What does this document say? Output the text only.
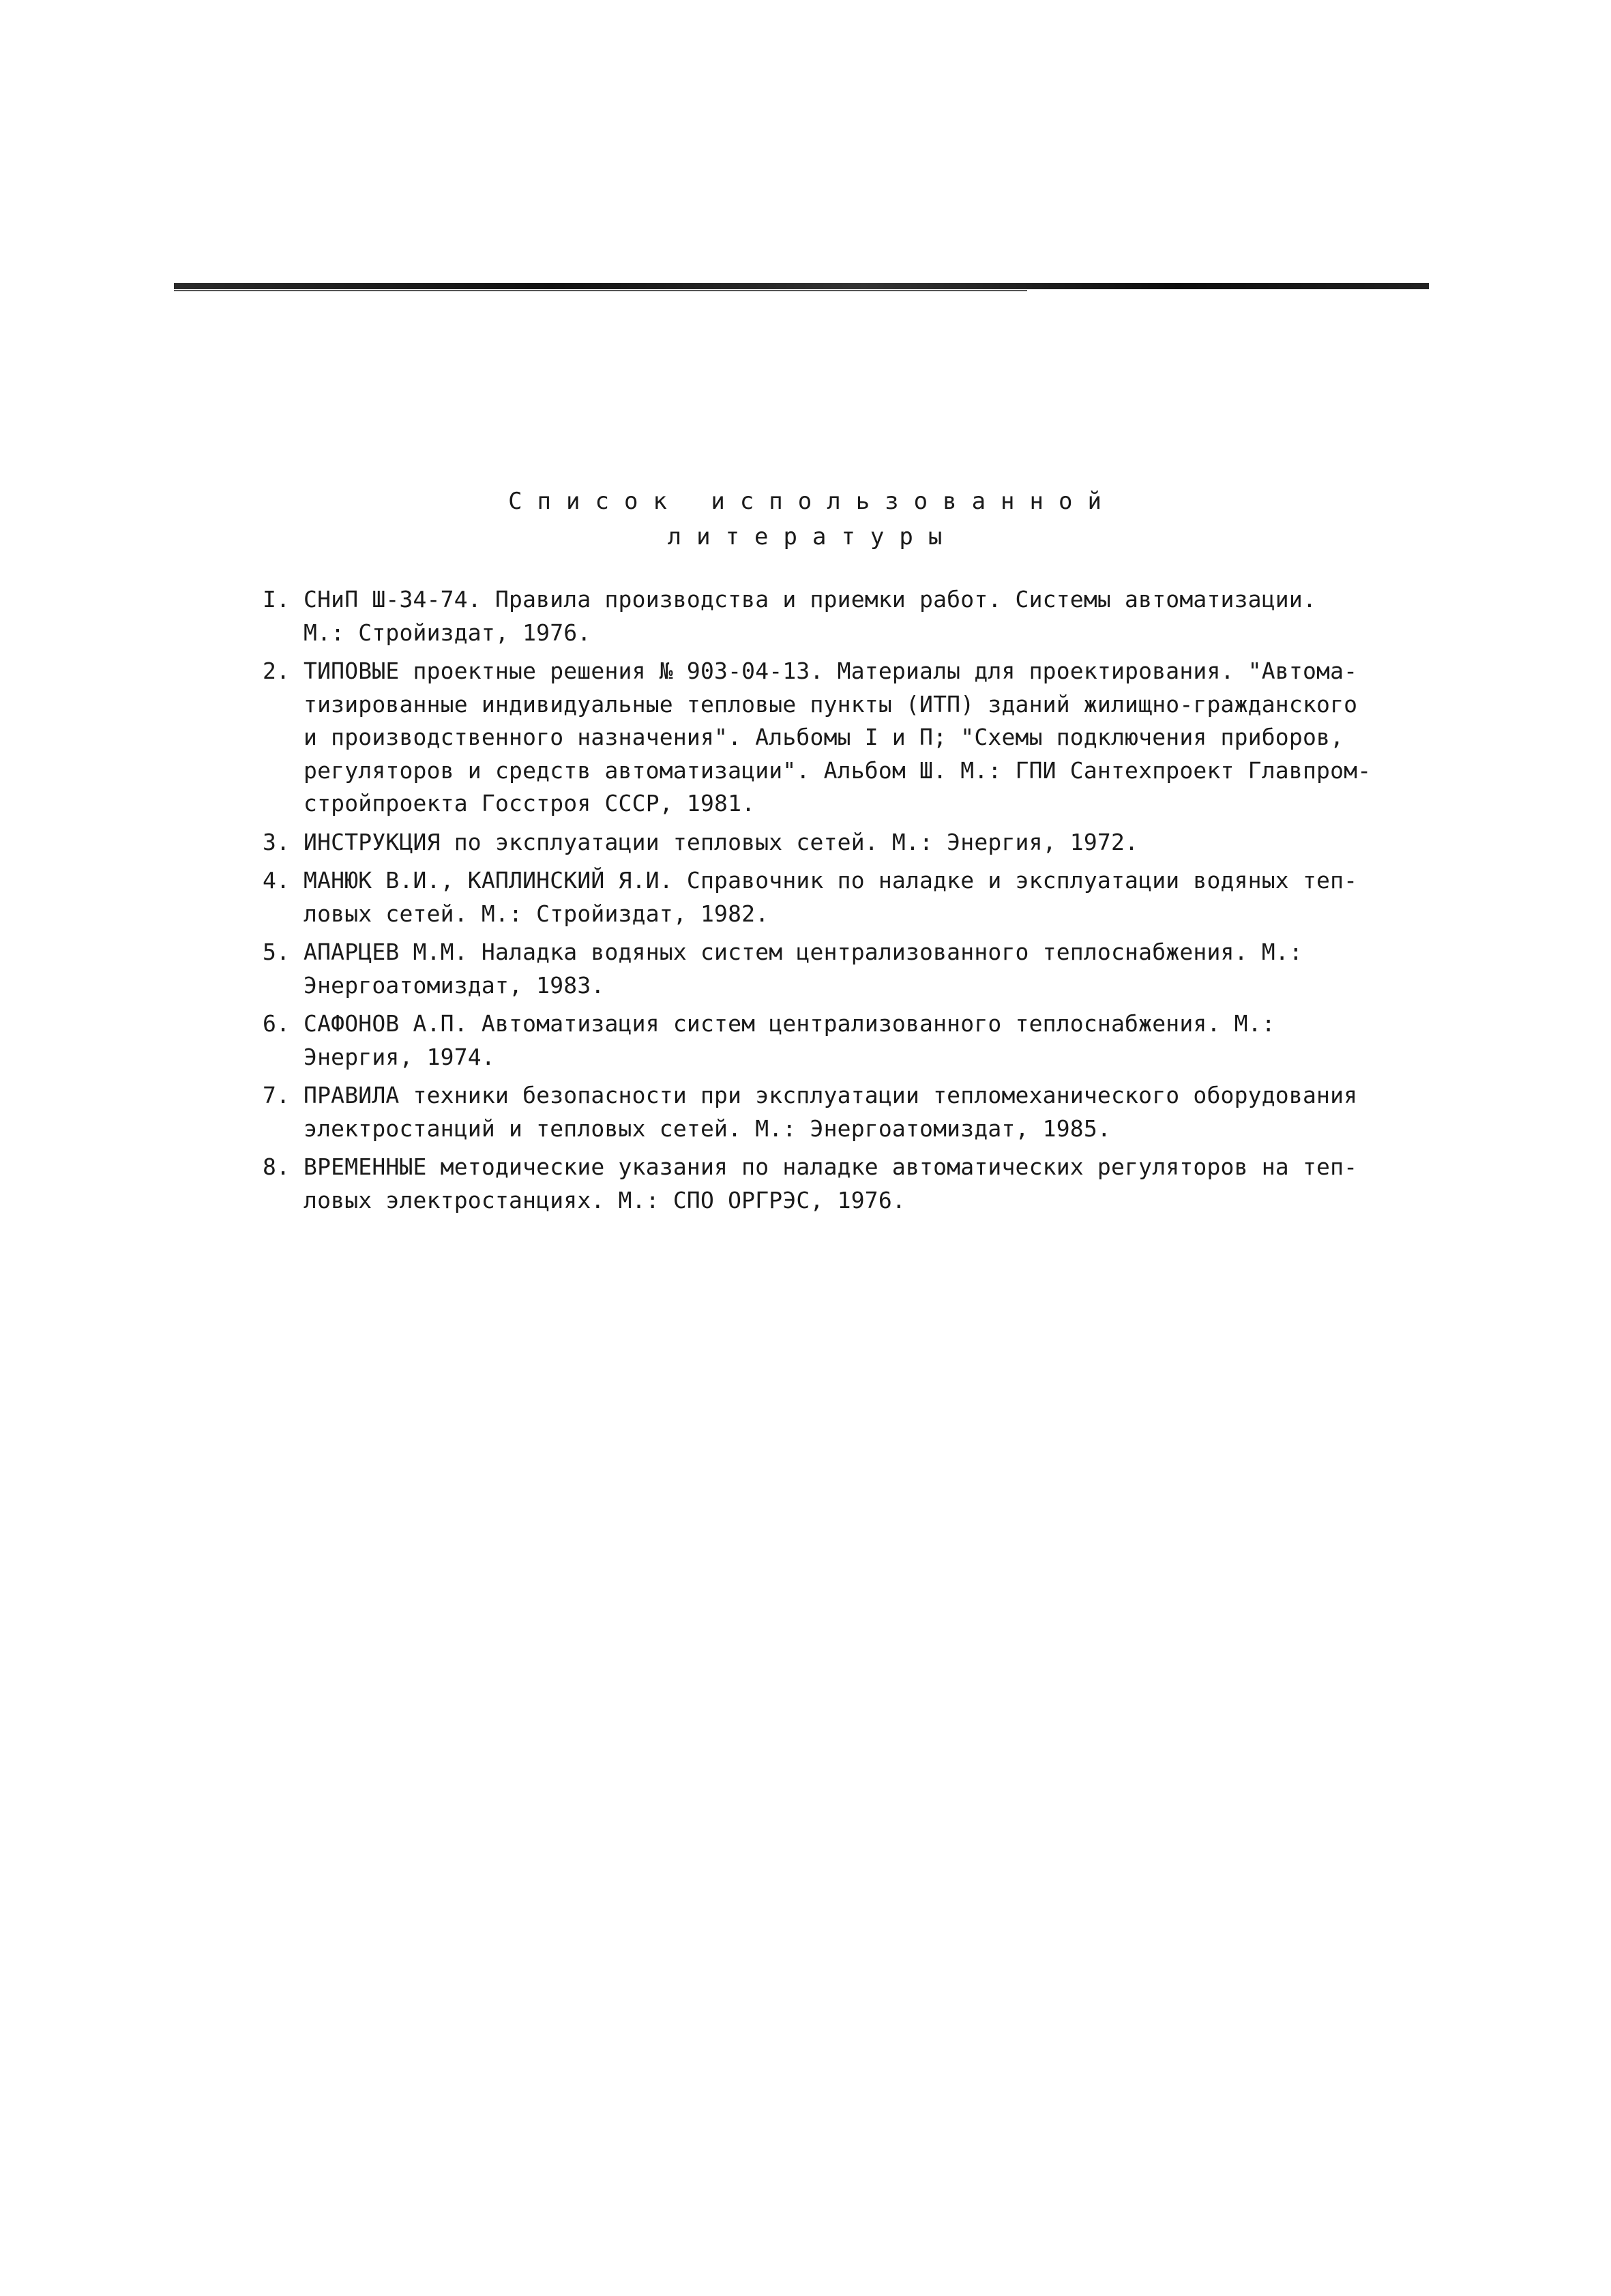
Список использованной
литературы
I. СНиП Ш-34-74. Правила производства и приемки работ. Системы автоматизации.
М.: Стройиздат, 1976.
2. ТИПОВЫЕ проектные решения № 903-04-13. Материалы для проектирования. "Автома-
тизированные индивидуальные тепловые пункты (ИТП) зданий жилищно-гражданского
и производственного назначения". Альбомы I и П; "Схемы подключения приборов,
регуляторов и средств автоматизации". Альбом Ш. М.: ГПИ Сантехпроект Главпром-
стройпроекта Госстроя СССР, 1981.
3. ИНСТРУКЦИЯ по эксплуатации тепловых сетей. М.: Энергия, 1972.
4. МАНЮК В.И., КАПЛИНСКИЙ Я.И. Справочник по наладке и эксплуатации водяных теп-
ловых сетей. М.: Стройиздат, 1982.
5. АПАРЦЕВ М.М. Наладка водяных систем централизованного теплоснабжения. М.:
Энергоатомиздат, 1983.
6. САФОНОВ А.П. Автоматизация систем централизованного теплоснабжения. М.:
Энергия, 1974.
7. ПРАВИЛА техники безопасности при эксплуатации тепломеханического оборудования
электростанций и тепловых сетей. М.: Энергоатомиздат, 1985.
8. ВРЕМЕННЫЕ методические указания по наладке автоматических регуляторов на теп-
ловых электростанциях. М.: СПО ОРГРЭС, 1976.
